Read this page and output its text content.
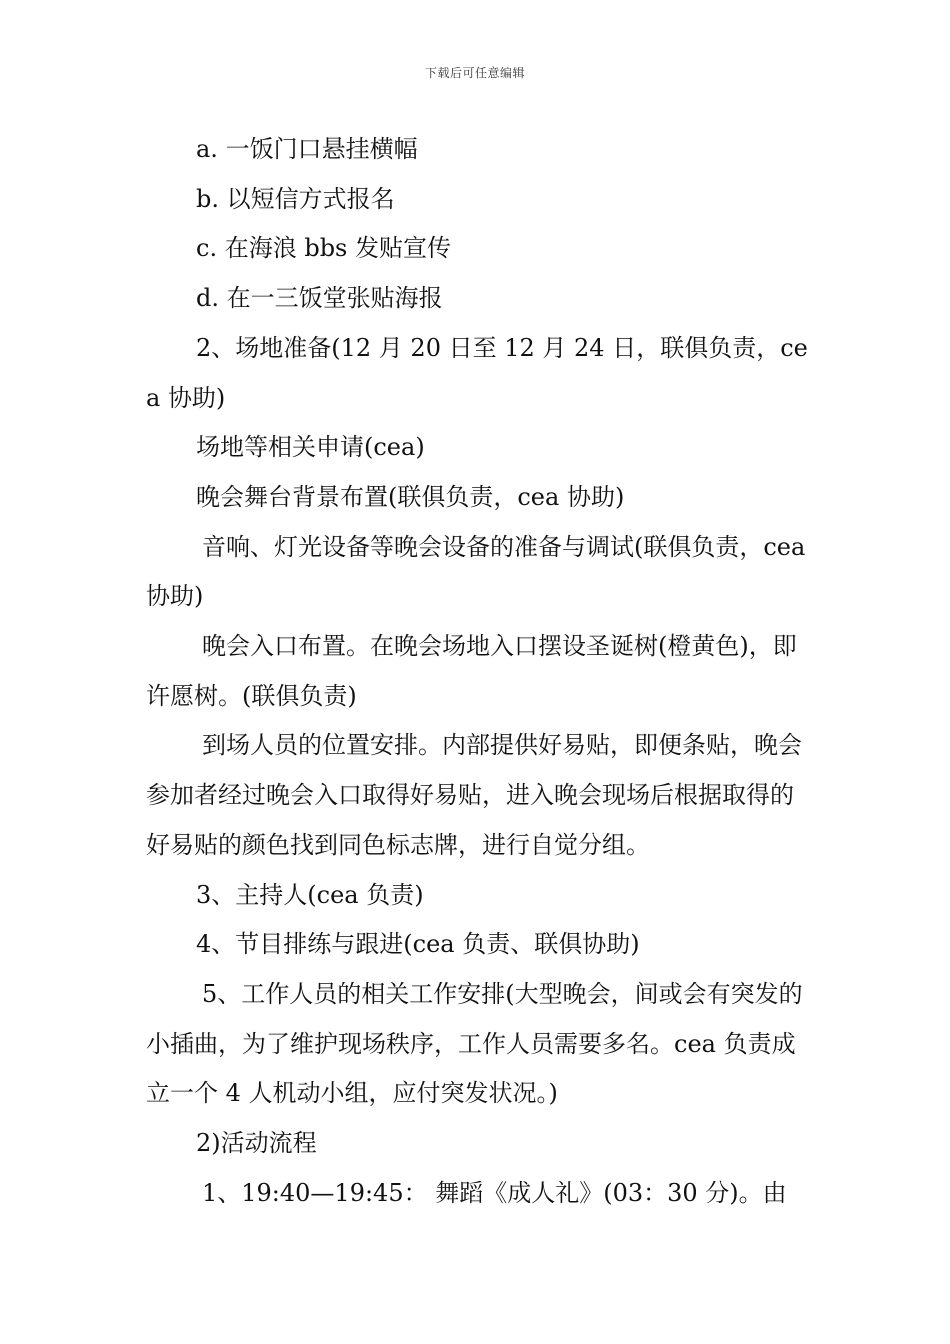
下载后可任意编辑

a. 一饭门口悬挂横幅

b. 以短信方式报名

c. 在海浪 bbs 发贴宣传

d. 在一三饭堂张贴海报

2、场地准备(12 月 20 日至 12 月 24 日，联俱负责，cea 协助)

场地等相关申请(cea)

晚会舞台背景布置(联俱负责，cea 协助)

音响、灯光设备等晚会设备的准备与调试(联俱负责，cea 协助)

晚会入口布置。在晚会场地入口摆设圣诞树(橙黄色)，即许愿树。(联俱负责)

到场人员的位置安排。内部提供好易贴，即便条贴，晚会参加者经过晚会入口取得好易贴，进入晚会现场后根据取得的好易贴的颜色找到同色标志牌，进行自觉分组。

3、主持人(cea 负责)

4、节目排练与跟进(cea 负责、联俱协助)

5、工作人员的相关工作安排(大型晚会，间或会有突发的小插曲，为了维护现场秩序，工作人员需要多名。cea 负责成立一个 4 人机动小组，应付突发状况。)

2)活动流程

1、19:40—19:45： 舞蹈《成人礼》(03：30 分)。由
